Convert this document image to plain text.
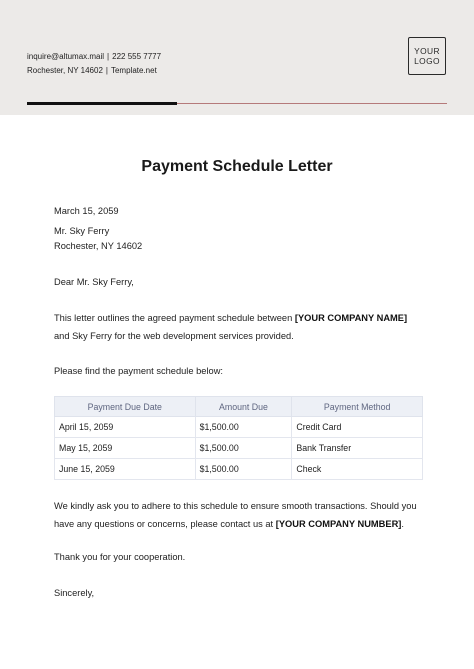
inquire@altumax.mail | 222 555 7777
Rochester, NY 14602 | Template.net
YOUR
LOGO
Payment Schedule Letter
March 15, 2059
Mr. Sky Ferry
Rochester, NY 14602
Dear Mr. Sky Ferry,
This letter outlines the agreed payment schedule between [YOUR COMPANY NAME]
and Sky Ferry for the web development services provided.
Please find the payment schedule below:
Payment Due Date	Amount Due	Payment Method
April 15, 2059	$1,500.00	Credit Card
May 15, 2059	$1,500.00	Bank Transfer
June 15, 2059	$1,500.00	Check
We kindly ask you to adhere to this schedule to ensure smooth transactions. Should you
have any questions or concerns, please contact us at [YOUR COMPANY NUMBER].
Thank you for your cooperation.
Sincerely,
